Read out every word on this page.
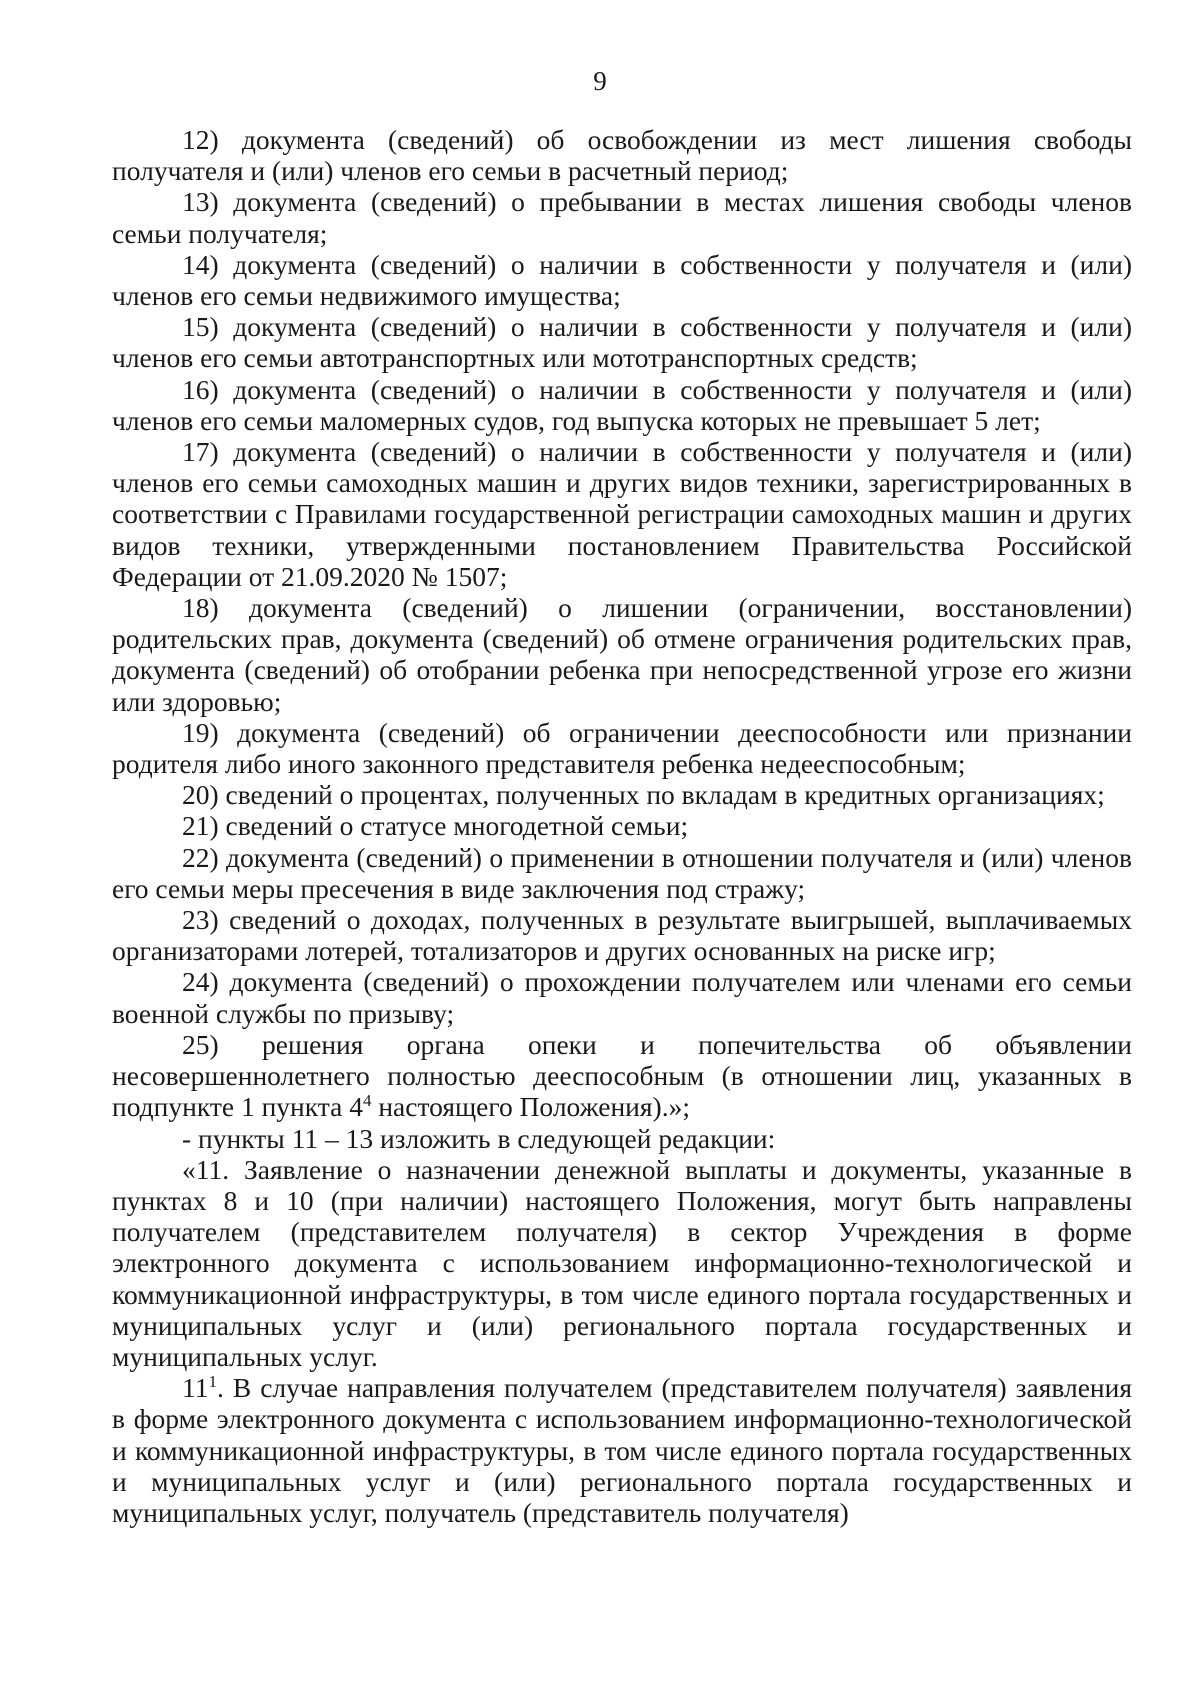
9

12) документа (сведений) об освобождении из мест лишения свободы получателя и (или) членов его семьи в расчетный период;

13) документа (сведений) о пребывании в местах лишения свободы членов семьи получателя;

14) документа (сведений) о наличии в собственности у получателя и (или) членов его семьи недвижимого имущества;

15) документа (сведений) о наличии в собственности у получателя и (или) членов его семьи автотранспортных или мототранспортных средств;

16) документа (сведений) о наличии в собственности у получателя и (или) членов его семьи маломерных судов, год выпуска которых не превышает 5 лет;

17) документа (сведений) о наличии в собственности у получателя и (или) членов его семьи самоходных машин и других видов техники, зарегистрированных в соответствии с Правилами государственной регистрации самоходных машин и других видов техники, утвержденными постановлением Правительства Российской Федерации от 21.09.2020 № 1507;

18) документа (сведений) о лишении (ограничении, восстановлении) родительских прав, документа (сведений) об отмене ограничения родительских прав, документа (сведений) об отобрании ребенка при непосредственной угрозе его жизни или здоровью;

19) документа (сведений) об ограничении дееспособности или признании родителя либо иного законного представителя ребенка недееспособным;

20) сведений о процентах, полученных по вкладам в кредитных организациях;

21) сведений о статусе многодетной семьи;

22) документа (сведений) о применении в отношении получателя и (или) членов его семьи меры пресечения в виде заключения под стражу;

23) сведений о доходах, полученных в результате выигрышей, выплачиваемых организаторами лотерей, тотализаторов и других основанных на риске игр;

24) документа (сведений) о прохождении получателем или членами его семьи военной службы по призыву;

25) решения органа опеки и попечительства об объявлении несовершеннолетнего полностью дееспособным (в отношении лиц, указанных в подпункте 1 пункта $4^4$ настоящего Положения).»;

- пункты 11 – 13 изложить в следующей редакции:

«11. Заявление о назначении денежной выплаты и документы, указанные в пунктах 8 и 10 (при наличии) настоящего Положения, могут быть направлены получателем (представителем получателя) в сектор Учреждения в форме электронного документа с использованием информационно-технологической и коммуникационной инфраструктуры, в том числе единого портала государственных и муниципальных услуг и (или) регионального портала государственных и муниципальных услуг.

$11^1$. В случае направления получателем (представителем получателя) заявления в форме электронного документа с использованием информационно-технологической и коммуникационной инфраструктуры, в том числе единого портала государственных и муниципальных услуг и (или) регионального портала государственных и муниципальных услуг, получатель (представитель получателя)
